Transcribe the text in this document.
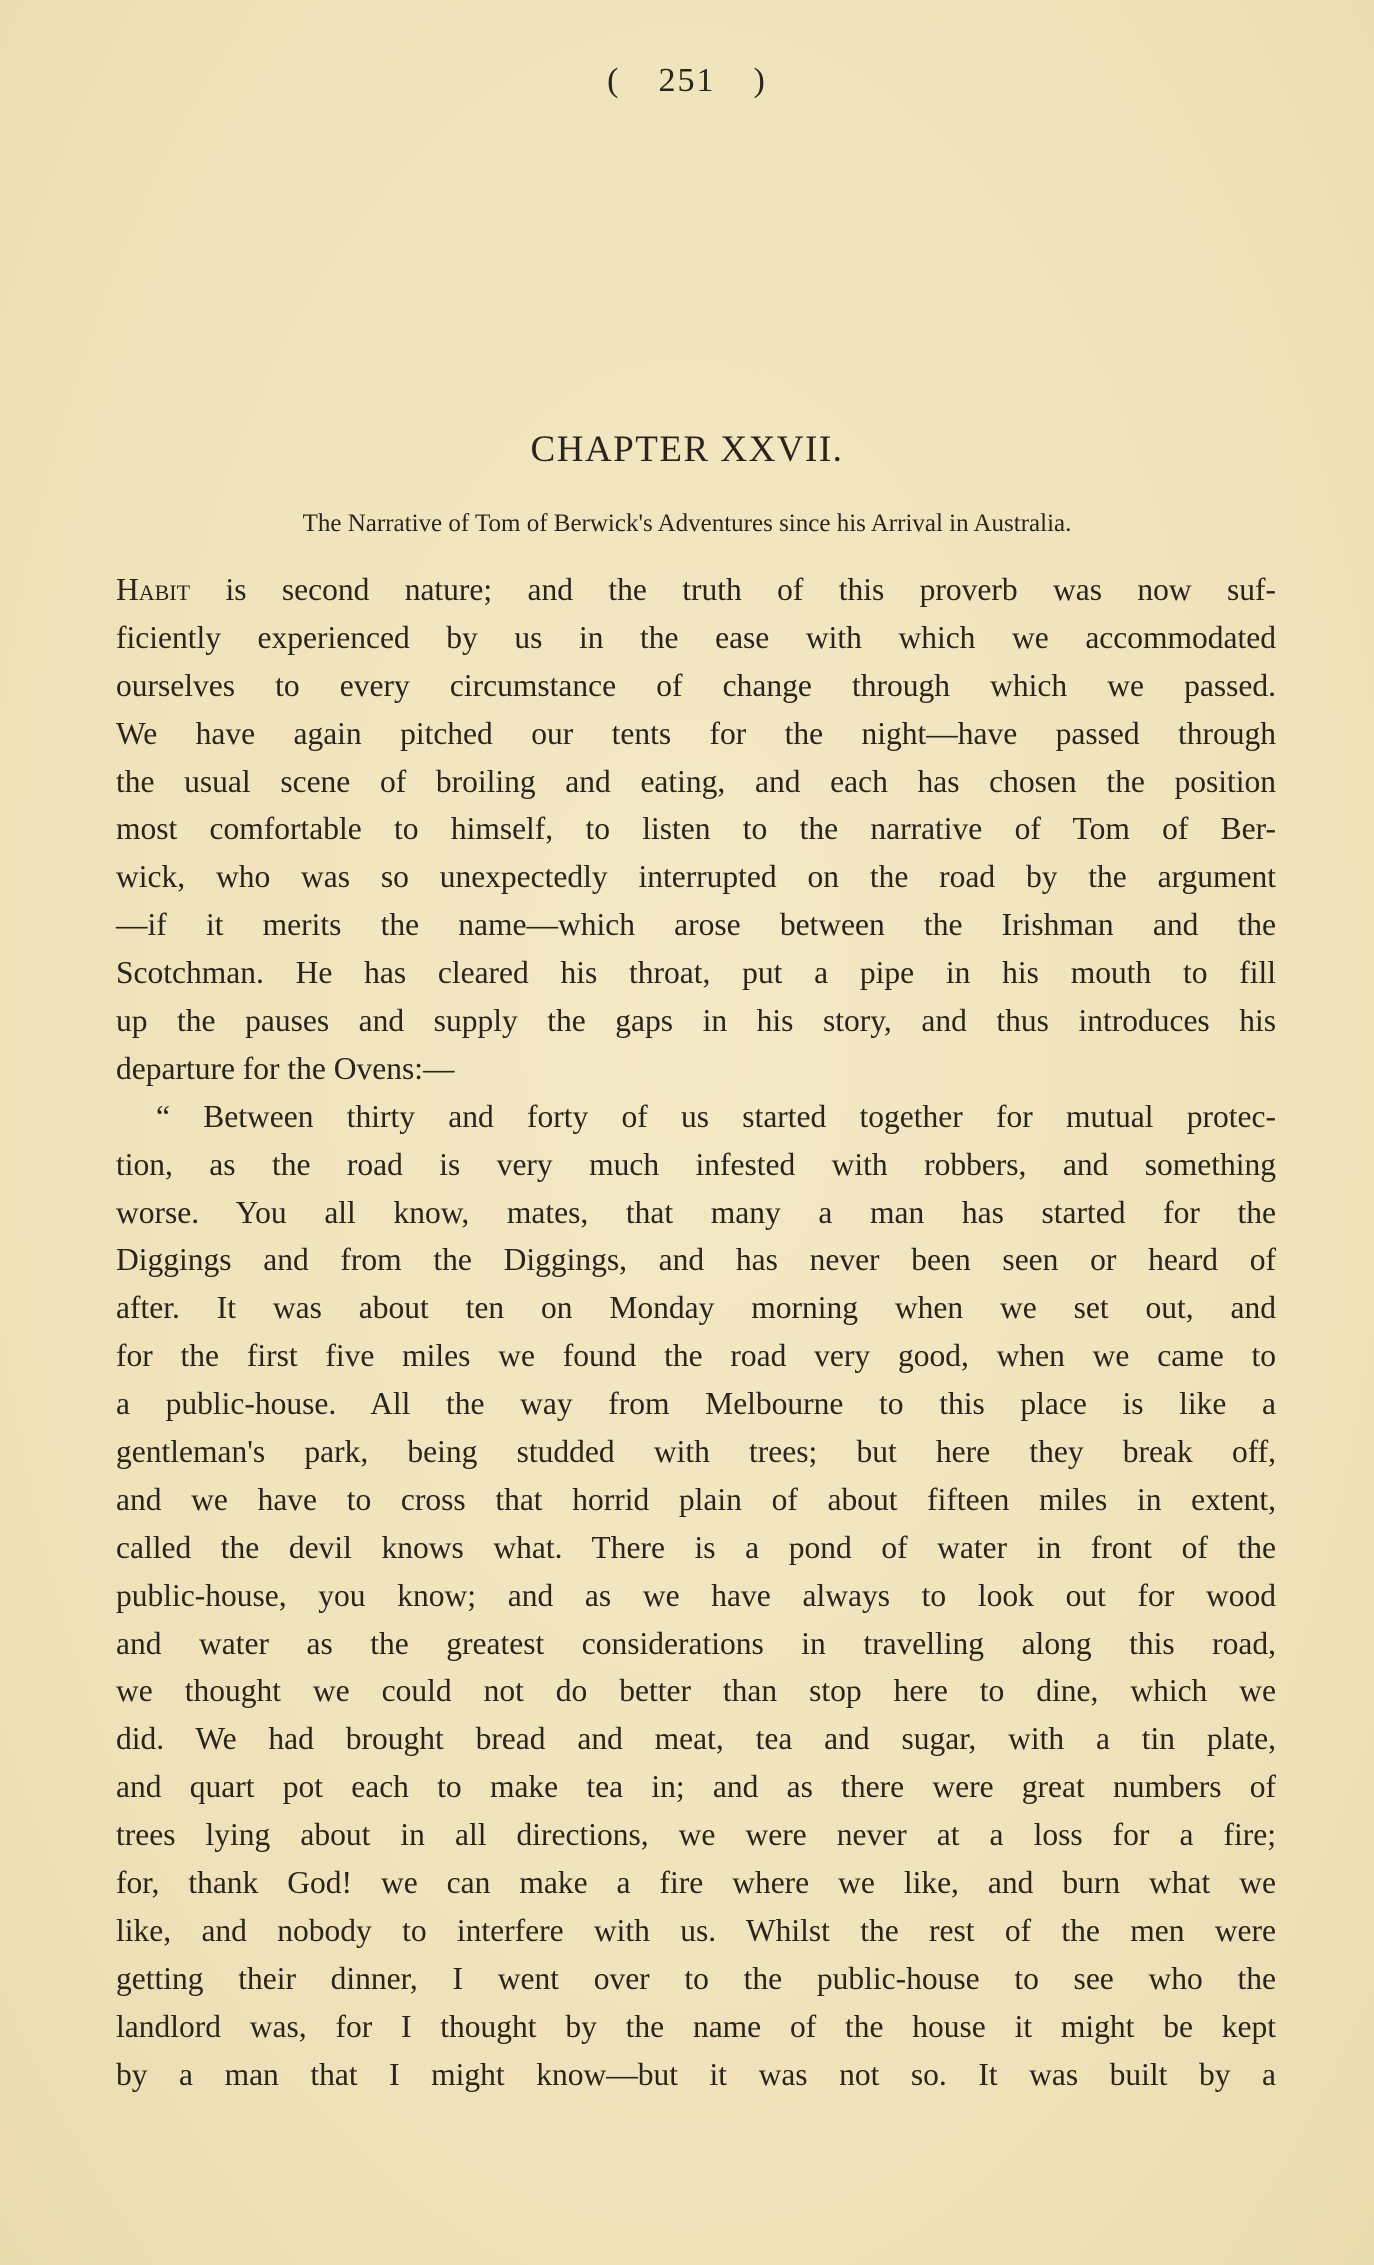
( 251 )
CHAPTER XXVII.
The Narrative of Tom of Berwick's Adventures since his Arrival in Australia.
Habit is second nature; and the truth of this proverb was now suf-
ficiently experienced by us in the ease with which we accommodated
ourselves to every circumstance of change through which we passed.
We have again pitched our tents for the night—have passed through
the usual scene of broiling and eating, and each has chosen the position
most comfortable to himself, to listen to the narrative of Tom of Ber-
wick, who was so unexpectedly interrupted on the road by the argument
—if it merits the name—which arose between the Irishman and the
Scotchman. He has cleared his throat, put a pipe in his mouth to fill
up the pauses and supply the gaps in his story, and thus introduces his
departure for the Ovens:—
“ Between thirty and forty of us started together for mutual protec-
tion, as the road is very much infested with robbers, and something
worse. You all know, mates, that many a man has started for the
Diggings and from the Diggings, and has never been seen or heard of
after. It was about ten on Monday morning when we set out, and
for the first five miles we found the road very good, when we came to
a public-house. All the way from Melbourne to this place is like a
gentleman's park, being studded with trees; but here they break off,
and we have to cross that horrid plain of about fifteen miles in extent,
called the devil knows what. There is a pond of water in front of the
public-house, you know; and as we have always to look out for wood
and water as the greatest considerations in travelling along this road,
we thought we could not do better than stop here to dine, which we
did. We had brought bread and meat, tea and sugar, with a tin plate,
and quart pot each to make tea in; and as there were great numbers of
trees lying about in all directions, we were never at a loss for a fire;
for, thank God! we can make a fire where we like, and burn what we
like, and nobody to interfere with us. Whilst the rest of the men were
getting their dinner, I went over to the public-house to see who the
landlord was, for I thought by the name of the house it might be kept
by a man that I might know—but it was not so. It was built by a
